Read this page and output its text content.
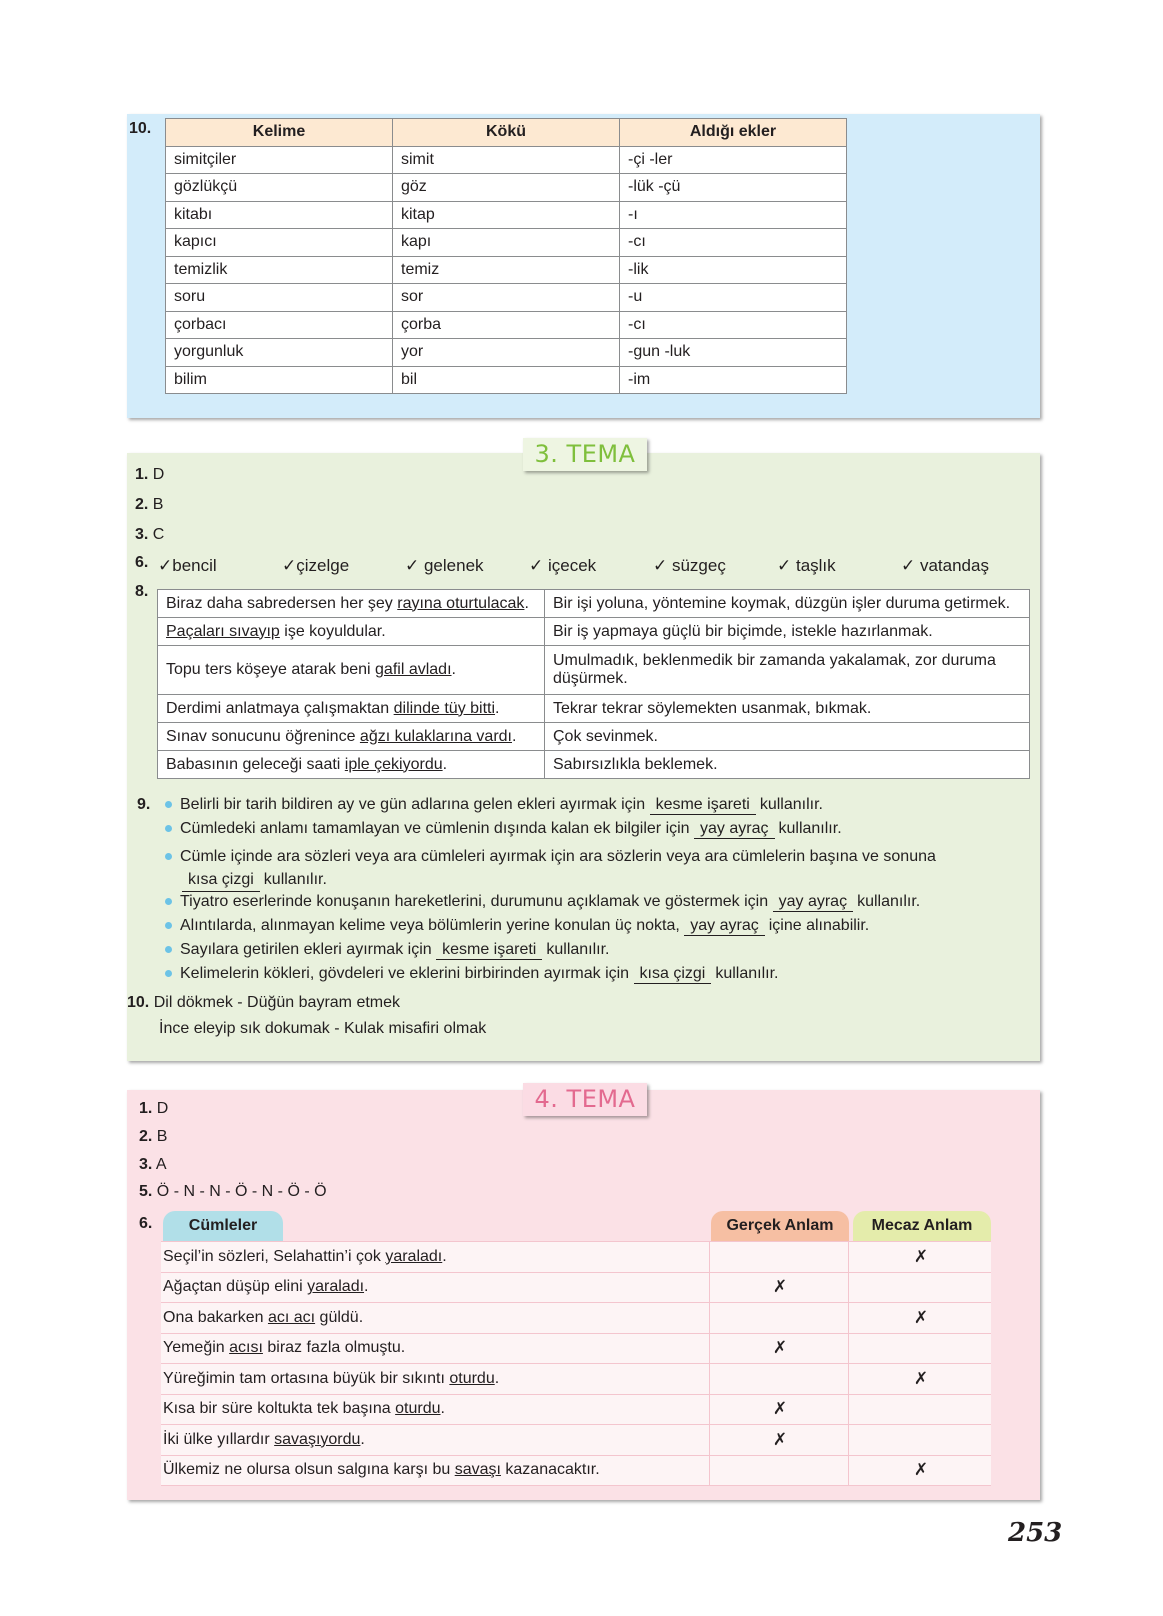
10.	Kelime	Kökü	Aldığı ekler
simitçiler	simit	-çi -ler
gözlükçü	göz	-lük -çü
kitabı	kitap	-ı
kapıcı	kapı	-cı
temizlik	temiz	-lik
soru	sor	-u
çorbacı	çorba	-cı
yorgunluk	yor	-gun -luk
bilim	bil	-im
3. TEMA
1. D
2. B
3. C
6. ✓bencil	✓çizelge	✓ gelenek	✓ içecek	✓ süzgeç	✓ taşlık	✓ vatandaş
8.
Biraz daha sabredersen her şey rayına oturtulacak.	Bir işi yoluna, yöntemine koymak, düzgün işler duruma getirmek.
Paçaları sıvayıp işe koyuldular.	Bir iş yapmaya güçlü bir biçimde, istekle hazırlanmak.
Topu ters köşeye atarak beni gafil avladı.	Umulmadık, beklenmedik bir zamanda yakalamak, zor duruma düşürmek.
Derdimi anlatmaya çalışmaktan dilinde tüy bitti.	Tekrar tekrar söylemekten usanmak, bıkmak.
Sınav sonucunu öğrenince ağzı kulaklarına vardı.	Çok sevinmek.
Babasının geleceği saati iple çekiyordu.	Sabırsızlıkla beklemek.
9.	Belirli bir tarih bildiren ay ve gün adlarına gelen ekleri ayırmak için kesme işareti kullanılır.
Cümledeki anlamı tamamlayan ve cümlenin dışında kalan ek bilgiler için yay ayraç kullanılır.
Cümle içinde ara sözleri veya ara cümleleri ayırmak için ara sözlerin veya ara cümlelerin başına ve sonuna
kısa çizgi kullanılır.
Tiyatro eserlerinde konuşanın hareketlerini, durumunu açıklamak ve göstermek için yay ayraç kullanılır.
Alıntılarda, alınmayan kelime veya bölümlerin yerine konulan üç nokta, yay ayraç içine alınabilir.
Sayılara getirilen ekleri ayırmak için kesme işareti kullanılır.
Kelimelerin kökleri, gövdeleri ve eklerini birbirinden ayırmak için kısa çizgi kullanılır.
10. Dil dökmek - Düğün bayram etmek
İnce eleyip sık dokumak - Kulak misafiri olmak
4. TEMA
1. D
2. B
3. A
5. Ö - N - N - Ö - N - Ö - Ö
6.	Cümleler	Gerçek Anlam	Mecaz Anlam
Seçil’in sözleri, Selahattin’i çok yaraladı.		✗
Ağaçtan düşüp elini yaraladı.	✗	
Ona bakarken acı acı güldü.		✗
Yemeğin acısı biraz fazla olmuştu.	✗	
Yüreğimin tam ortasına büyük bir sıkıntı oturdu.		✗
Kısa bir süre koltukta tek başına oturdu.	✗	
İki ülke yıllardır savaşıyordu.	✗	
Ülkemiz ne olursa olsun salgına karşı bu savaşı kazanacaktır.		✗
253
